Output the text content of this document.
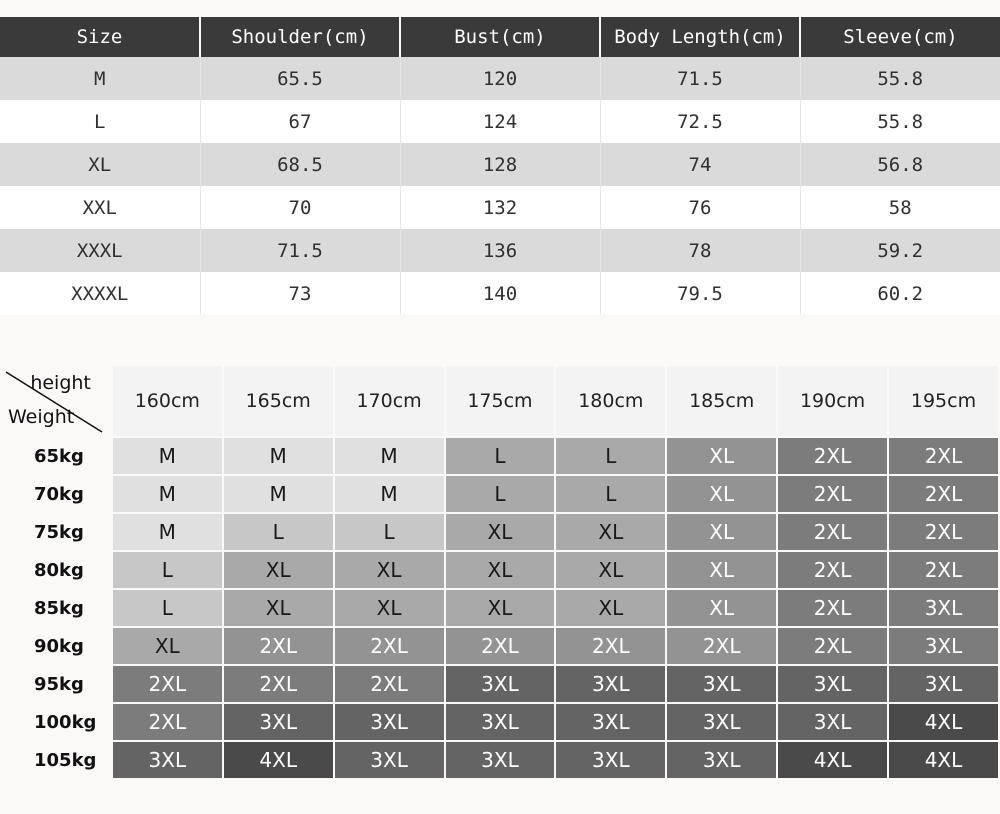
Size	Shoulder(cm)	Bust(cm)	Body Length(cm)	Sleeve(cm)
M	65.5	120	71.5	55.8
L	67	124	72.5	55.8
XL	68.5	128	74	56.8
XXL	70	132	76	58
XXXL	71.5	136	78	59.2
XXXXL	73	140	79.5	60.2
height
Weight	160cm	165cm	170cm	175cm	180cm	185cm	190cm	195cm
65kg	M	M	M	L	L	XL	2XL	2XL
70kg	M	M	M	L	L	XL	2XL	2XL
75kg	M	L	L	XL	XL	XL	2XL	2XL
80kg	L	XL	XL	XL	XL	XL	2XL	2XL
85kg	L	XL	XL	XL	XL	XL	2XL	3XL
90kg	XL	2XL	2XL	2XL	2XL	2XL	2XL	3XL
95kg	2XL	2XL	2XL	3XL	3XL	3XL	3XL	3XL
100kg	2XL	3XL	3XL	3XL	3XL	3XL	3XL	4XL
105kg	3XL	4XL	3XL	3XL	3XL	3XL	4XL	4XL
